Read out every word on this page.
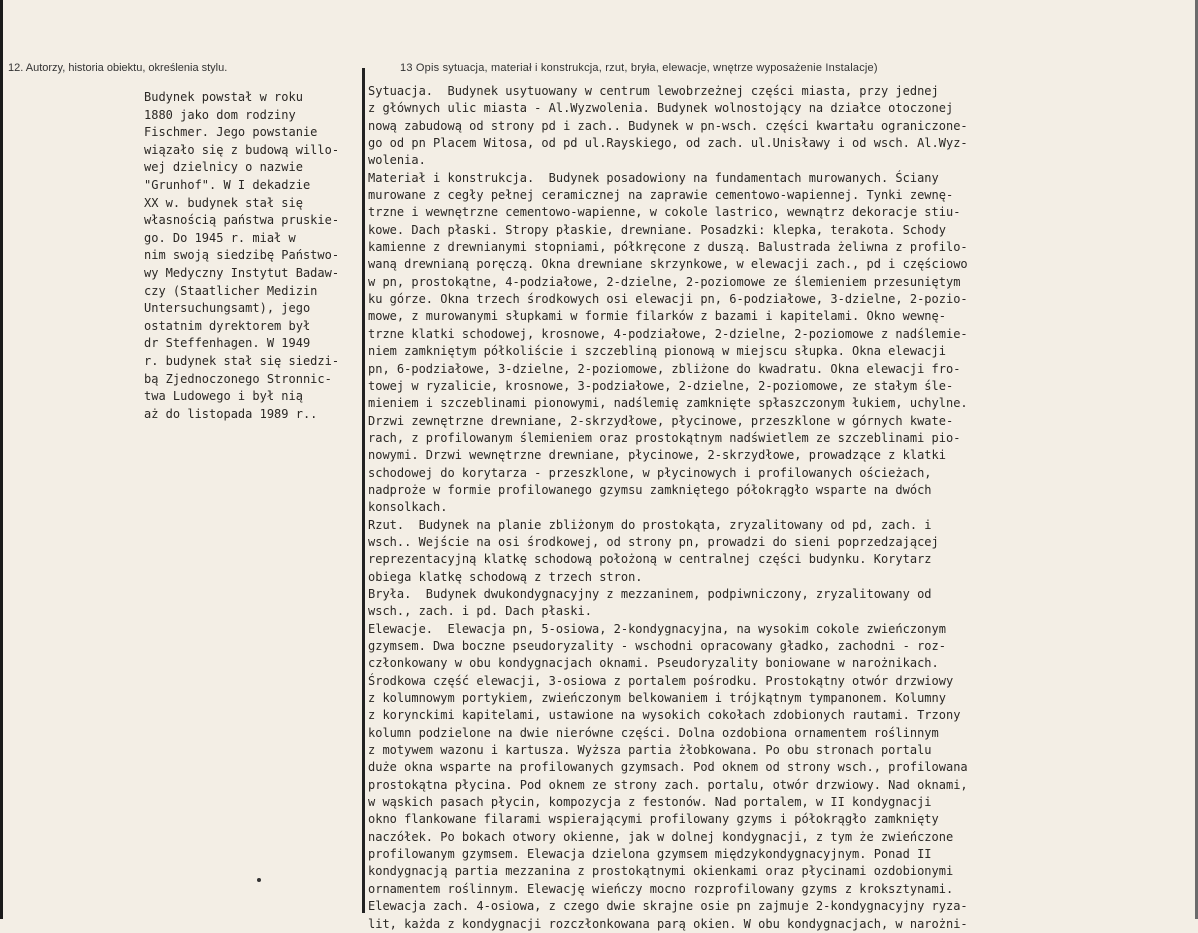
12. Autorzy, historia obiektu, określenia stylu.	13 Opis sytuacja, materiał i konstrukcja, rzut, bryła, elewacje, wnętrze wyposażenie Instalacje)
Budynek powstał w roku
1880 jako dom rodziny
Fischmer. Jego powstanie
wiązało się z budową willo-
wej dzielnicy o nazwie
"Grunhof". W I dekadzie
XX w. budynek stał się
własnością państwa pruskie-
go. Do 1945 r. miał w
nim swoją siedzibę Państwo-
wy Medyczny Instytut Badaw-
czy (Staatlicher Medizin
Untersuchungsamt), jego
ostatnim dyrektorem był
dr Steffenhagen. W 1949
r. budynek stał się siedzi-
bą Zjednoczonego Stronnic-
twa Ludowego i był nią
aż do listopada 1989 r..
Sytuacja.  Budynek usytuowany w centrum lewobrzeżnej części miasta, przy jednej
z głównych ulic miasta - Al.Wyzwolenia. Budynek wolnostojący na działce otoczonej
nową zabudową od strony pd i zach.. Budynek w pn-wsch. części kwartału ograniczone-
go od pn Placem Witosa, od pd ul.Rayskiego, od zach. ul.Unisławy i od wsch. Al.Wyz-
wolenia.
Materiał i konstrukcja.  Budynek posadowiony na fundamentach murowanych. Ściany
murowane z cegły pełnej ceramicznej na zaprawie cementowo-wapiennej. Tynki zewnę-
trzne i wewnętrzne cementowo-wapienne, w cokole lastrico, wewnątrz dekoracje stiu-
kowe. Dach płaski. Stropy płaskie, drewniane. Posadzki: klepka, terakota. Schody
kamienne z drewnianymi stopniami, półkręcone z duszą. Balustrada żeliwna z profilo-
waną drewnianą poręczą. Okna drewniane skrzynkowe, w elewacji zach., pd i częściowo
w pn, prostokątne, 4-podziałowe, 2-dzielne, 2-poziomowe ze ślemieniem przesuniętym
ku górze. Okna trzech środkowych osi elewacji pn, 6-podziałowe, 3-dzielne, 2-pozio-
mowe, z murowanymi słupkami w formie filarków z bazami i kapitelami. Okno wewnę-
trzne klatki schodowej, krosnowe, 4-podziałowe, 2-dzielne, 2-poziomowe z nadślemie-
niem zamkniętym półkoliście i szczebliną pionową w miejscu słupka. Okna elewacji
pn, 6-podziałowe, 3-dzielne, 2-poziomowe, zbliżone do kwadratu. Okna elewacji fro-
towej w ryzalicie, krosnowe, 3-podziałowe, 2-dzielne, 2-poziomowe, ze stałym śle-
mieniem i szczeblinami pionowymi, nadślemię zamknięte spłaszczonym łukiem, uchylne.
Drzwi zewnętrzne drewniane, 2-skrzydłowe, płycinowe, przeszklone w górnych kwate-
rach, z profilowanym ślemieniem oraz prostokątnym nadświetlem ze szczeblinami pio-
nowymi. Drzwi wewnętrzne drewniane, płycinowe, 2-skrzydłowe, prowadzące z klatki
schodowej do korytarza - przeszklone, w płycinowych i profilowanych ościeżach,
nadproże w formie profilowanego gzymsu zamkniętego półokrągło wsparte na dwóch
konsolkach.
Rzut.  Budynek na planie zbliżonym do prostokąta, zryzalitowany od pd, zach. i
wsch.. Wejście na osi środkowej, od strony pn, prowadzi do sieni poprzedzającej
reprezentacyjną klatkę schodową położoną w centralnej części budynku. Korytarz
obiega klatkę schodową z trzech stron.
Bryła.  Budynek dwukondygnacyjny z mezzaninem, podpiwniczony, zryzalitowany od
wsch., zach. i pd. Dach płaski.
Elewacje.  Elewacja pn, 5-osiowa, 2-kondygnacyjna, na wysokim cokole zwieńczonym
gzymsem. Dwa boczne pseudoryzality - wschodni opracowany gładko, zachodni - roz-
członkowany w obu kondygnacjach oknami. Pseudoryzality boniowane w narożnikach.
Środkowa część elewacji, 3-osiowa z portalem pośrodku. Prostokątny otwór drzwiowy
z kolumnowym portykiem, zwieńczonym belkowaniem i trójkątnym tympanonem. Kolumny
z korynckimi kapitelami, ustawione na wysokich cokołach zdobionych rautami. Trzony
kolumn podzielone na dwie nierówne części. Dolna ozdobiona ornamentem roślinnym
z motywem wazonu i kartusza. Wyższa partia żłobkowana. Po obu stronach portalu
duże okna wsparte na profilowanych gzymsach. Pod oknem od strony wsch., profilowana
prostokątna płycina. Pod oknem ze strony zach. portalu, otwór drzwiowy. Nad oknami,
w wąskich pasach płycin, kompozycja z festonów. Nad portalem, w II kondygnacji
okno flankowane filarami wspierającymi profilowany gzyms i półokrągło zamknięty
naczółek. Po bokach otwory okienne, jak w dolnej kondygnacji, z tym że zwieńczone
profilowanym gzymsem. Elewacja dzielona gzymsem międzykondygnacyjnym. Ponad II
kondygnacją partia mezzanina z prostokątnymi okienkami oraz płycinami ozdobionymi
ornamentem roślinnym. Elewację wieńczy mocno rozprofilowany gzyms z kroksztynami.
Elewacja zach. 4-osiowa, z czego dwie skrajne osie pn zajmuje 2-kondygnacyjny ryza-
lit, każda z kondygnacji rozczłonkowana parą okien. W obu kondygnacjach, w narożni-
